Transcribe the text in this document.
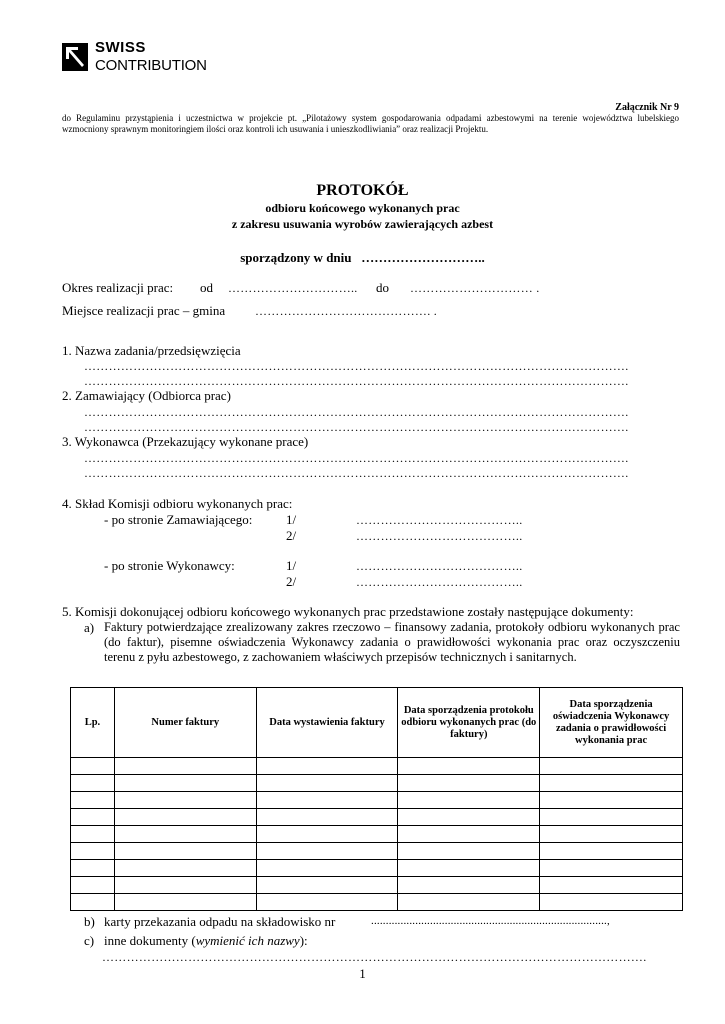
SWISS
CONTRIBUTION
Załącznik Nr 9
do Regulaminu przystąpienia i uczestnictwa w projekcie pt. „Pilotażowy system gospodarowania odpadami azbestowymi na terenie województwa lubelskiego wzmocniony sprawnym monitoringiem ilości oraz kontroli ich usuwania i unieszkodliwiania” oraz realizacji Projektu.
PROTOKÓŁ
odbioru końcowego wykonanych prac
z zakresu usuwania wyrobów zawierających azbest
sporządzony w dniu ………………………..
Okres realizacji prac: od ………………………….. do ………………………… .
Miejsce realizacji prac – gmina ……………………………………. .
1. Nazwa zadania/przedsięwzięcia
…………………………………………………………………………………………………………………….
…………………………………………………………………………………………………………………….
2. Zamawiający (Odbiorca prac)
…………………………………………………………………………………………………………………….
…………………………………………………………………………………………………………………….
3. Wykonawca (Przekazujący wykonane prace)
…………………………………………………………………………………………………………………….
…………………………………………………………………………………………………………………….
4. Skład Komisji odbioru wykonanych prac:
- po stronie Zamawiającego:	1/	…………………………………..
2/	…………………………………..
- po stronie Wykonawcy:	1/	…………………………………..
2/	…………………………………..
5. Komisji dokonującej odbioru końcowego wykonanych prac przedstawione zostały następujące dokumenty:
a) Faktury potwierdzające zrealizowany zakres rzeczowo – finansowy zadania, protokoły odbioru wykonanych prac (do faktur), pisemne oświadczenia Wykonawcy zadania o prawidłowości wykonania prac oraz oczyszczeniu terenu z pyłu azbestowego, z zachowaniem właściwych przepisów technicznych i sanitarnych.
Lp.	Numer faktury	Data wystawienia faktury	Data sporządzenia protokołu odbioru wykonanych prac (do faktury)	Data sporządzenia oświadczenia Wykonawcy zadania o prawidłowości wykonania prac

b) karty przekazania odpadu na składowisko nr	................................................................................,
c) inne dokumenty (wymienić ich nazwy):
…………………………………………………………………………………………………………………….
1
